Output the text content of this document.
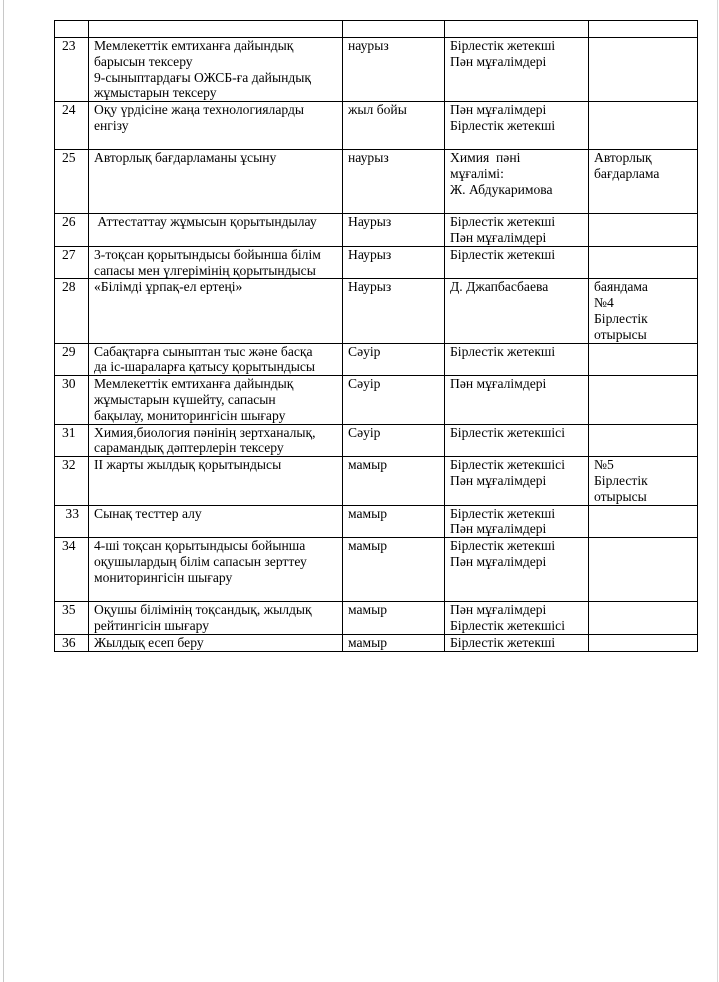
23	Мемлекеттік емтиханға дайындық
барысын тексеру
9-сыныптардағы ОЖСБ-ға дайындық
жұмыстарын тексеру	наурыз	Бірлестік жетекші
Пән мұғалімдері	

24	Оқу үрдісіне жаңа технологияларды
енгізу	жыл бойы	Пән мұғалімдері
Бірлестік жетекші	

25	Авторлық бағдарламаны ұсыну	наурыз	Химия  пәні
мұғалімі:
Ж. Абдукаримова	Авторлық
бағдарлама

26	Аттестаттау жұмысын қорытындылау	Наурыз	Бірлестік жетекші
Пән мұғалімдері	

27	3-тоқсан қорытындысы бойынша білім
сапасы мен үлгерімінің қорытындысы	Наурыз	Бірлестік жетекші	

28	«Білімді ұрпақ-ел ертеңі»	Наурыз	Д. Джапбасбаева	баяндама
№4
Бірлестік
отырысы

29	Сабақтарға сыныптан тыс және басқа
да іс-шараларға қатысу қорытындысы	Сәуір	Бірлестік жетекші	

30	Мемлекеттік емтиханға дайындық
жұмыстарын күшейту, сапасын
бақылау, мониторингісін шығару	Сәуір	Пән мұғалімдері	

31	Химия,биология пәнінің зертханалық,
сарамандық дәптерлерін тексеру	Сәуір	Бірлестік жетекшісі	

32	ІІ жарты жылдық қорытындысы	мамыр	Бірлестік жетекшісі
Пән мұғалімдері	№5
Бірлестік
отырысы

33	Сынақ тесттер алу	мамыр	Бірлестік жетекші
Пән мұғалімдері	

34	4-ші тоқсан қорытындысы бойынша
оқушылардың білім сапасын зерттеу
мониторингісін шығару	мамыр	Бірлестік жетекші
Пән мұғалімдері	

35	Оқушы білімінің тоқсандық, жылдық
рейтингісін шығару	мамыр	Пән мұғалімдері
Бірлестік жетекшісі	

36	Жылдық есеп беру	мамыр	Бірлестік жетекші	
